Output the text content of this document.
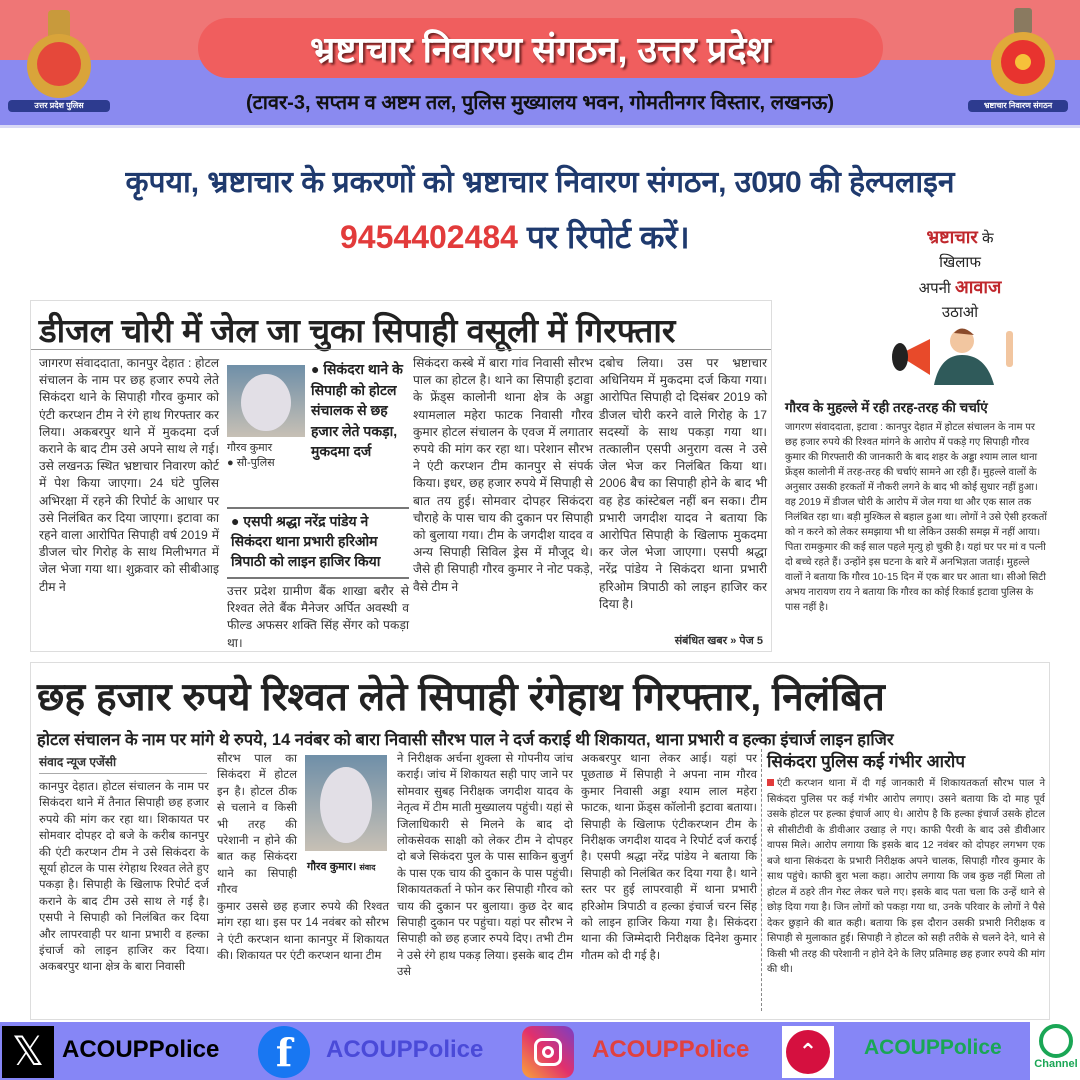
उत्तर प्रदेश पुलिस
भ्रष्टाचार निवारण संगठन, उत्तर प्रदेश
(टावर-3, सप्तम व अष्टम तल, पुलिस मुख्यालय भवन, गोमतीनगर विस्तार, लखनऊ)	भ्रष्टाचार निवारण संगठन
कृपया, भ्रष्टाचार के प्रकरणों को भ्रष्टाचार निवारण संगठन, उ0प्र0 की हेल्पलाइन
9454402484 पर रिपोर्ट करें।	भ्रष्टाचार के
खिलाफ
अपनी आवाज
उठाओ
डीजल चोरी में जेल जा चुका सिपाही वसूली में गिरफ्तार
जागरण संवाददाता, कानपुर देहात : होटल संचालन के नाम पर छह हजार रुपये लेते सिकंदरा थाने के सिपाही गौरव कुमार को एंटी करप्शन टीम ने रंगे हाथ गिरफ्तार कर लिया। अकबरपुर थाने में मुकदमा दर्ज कराने के बाद टीम उसे अपने साथ ले गई। उसे लखनऊ स्थित भ्रष्टाचार निवारण कोर्ट में पेश किया जाएगा। 24 घंटे पुलिस अभिरक्षा में रहने की रिपोर्ट के आधार पर उसे निलंबित कर दिया जाएगा। इटावा का रहने वाला आरोपित सिपाही वर्ष 2019 में डीजल चोर गिरोह के साथ मिलीभगत में जेल भेजा गया था। शुक्रवार को सीबीआइ टीम ने
गौरव कुमार
● सौ-पुलिस
● सिकंदरा थाने के सिपाही को होटल संचालक से छह हजार लेते पकड़ा, मुकदमा दर्ज
● एसपी श्रद्धा नरेंद्र पांडेय ने सिकंदरा थाना प्रभारी हरिओम त्रिपाठी को लाइन हाजिर किया
उत्तर प्रदेश ग्रामीण बैंक शाखा बरौर से रिश्वत लेते बैंक मैनेजर अर्पित अवस्थी व फील्ड अफसर शक्ति सिंह सेंगर को पकड़ा था।
सिकंदरा कस्बे में बारा गांव निवासी सौरभ पाल का होटल है। थाने का सिपाही इटावा के फ्रेंड्स कालोनी थाना क्षेत्र के अड्डा श्यामलाल महेरा फाटक निवासी गौरव कुमार होटल संचालन के एवज में लगातार रुपये की मांग कर रहा था। परेशान सौरभ ने एंटी करप्शन टीम कानपुर से संपर्क किया। इधर, छह हजार रुपये में सिपाही से बात तय हुई। सोमवार दोपहर सिकंदरा चौराहे के पास चाय की दुकान पर सिपाही को बुलाया गया। टीम के जगदीश यादव व अन्य सिपाही सिविल ड्रेस में मौजूद थे। जैसे ही सिपाही गौरव कुमार ने नोट पकड़े, वैसे टीम ने
दबोच लिया। उस पर भ्रष्टाचार अधिनियम में मुकदमा दर्ज किया गया। आरोपित सिपाही दो दिसंबर 2019 को डीजल चोरी करने वाले गिरोह के 17 सदस्यों के साथ पकड़ा गया था। तत्कालीन एसपी अनुराग वत्स ने उसे जेल भेज कर निलंबित किया था। 2006 बैच का सिपाही होने के बाद भी वह हेड कांस्टेबल नहीं बन सका। टीम प्रभारी जगदीश यादव ने बताया कि आरोपित सिपाही के खिलाफ मुकदमा कर जेल भेजा जाएगा। एसपी श्रद्धा नरेंद्र पांडेय ने सिकंदरा थाना प्रभारी हरिओम त्रिपाठी को लाइन हाजिर कर दिया है।
संबंधित खबर » पेज 5
गौरव के मुहल्ले में रही तरह-तरह की चर्चाएं
जागरण संवाददाता, इटावा : कानपुर देहात में होटल संचालन के नाम पर छह हजार रुपये की रिश्वत मांगने के आरोप में पकड़े गए सिपाही गौरव कुमार की गिरफ्तारी की जानकारी के बाद शहर के अड्डा श्याम लाल थाना फ्रेंड्स कालोनी में तरह-तरह की चर्चाएं सामने आ रही हैं। मुहल्ले वालों के अनुसार उसकी हरकतों में नौकरी लगने के बाद भी कोई सुधार नहीं हुआ। वह 2019 में डीजल चोरी के आरोप में जेल गया था और एक साल तक निलंबित रहा था। बड़ी मुश्किल से बहाल हुआ था। लोगों ने उसे ऐसी हरकतों को न करने को लेकर समझाया भी था लेकिन उसकी समझ में नहीं आया। पिता रामकुमार की कई साल पहले मृत्यु हो चुकी है। यहां घर पर मां व पत्नी दो बच्चे रहते हैं। उन्होंने इस घटना के बारे में अनभिज्ञता जताई। मुहल्ले वालों ने बताया कि गौरव 10-15 दिन में एक बार घर आता था। सीओ सिटी अभय नारायण राय ने बताया कि गौरव का कोई रिकार्ड इटावा पुलिस के पास नहीं है।
छह हजार रुपये रिश्वत लेते सिपाही रंगेहाथ गिरफ्तार, निलंबित
होटल संचालन के नाम पर मांगे थे रुपये, 14 नवंबर को बारा निवासी सौरभ पाल ने दर्ज कराई थी शिकायत, थाना प्रभारी व हल्का इंचार्ज लाइन हाजिर
संवाद न्यूज एजेंसी
कानपुर देहात। होटल संचालन के नाम पर सिकंदरा थाने में तैनात सिपाही छह हजार रुपये की मांग कर रहा था। शिकायत पर सोमवार दोपहर दो बजे के करीब कानपुर की एंटी करप्शन टीम ने उसे सिकंदरा के सूर्या होटल के पास रंगेहाथ रिश्वत लेते हुए पकड़ा है। सिपाही के खिलाफ रिपोर्ट दर्ज कराने के बाद टीम उसे साथ ले गई है। एसपी ने सिपाही को निलंबित कर दिया और लापरवाही पर थाना प्रभारी व हल्का इंचार्ज को लाइन हाजिर कर दिया। अकबरपुर थाना क्षेत्र के बारा निवासी
सौरभ पाल का सिकंदरा में होटल इन है। होटल ठीक से चलाने व किसी भी तरह की परेशानी न होने की बात कह सिकंदरा थाने का सिपाही गौरव
गौरव कुमार। संवाद
कुमार उससे छह हजार रुपये की रिश्वत मांग रहा था। इस पर 14 नवंबर को सौरभ ने एंटी करप्शन थाना कानपुर में शिकायत की। शिकायत पर एंटी करप्शन थाना टीम
ने निरीक्षक अर्चना शुक्ला से गोपनीय जांच कराई। जांच में शिकायत सही पाए जाने पर सोमवार सुबह निरीक्षक जगदीश यादव के नेतृत्व में टीम माती मुख्यालय पहुंची। यहां से जिलाधिकारी से मिलने के बाद दो लोकसेवक साक्षी को लेकर टीम ने दोपहर दो बजे सिकंदरा पुल के पास साकिन बुजुर्ग के पास एक चाय की दुकान के पास पहुंची। शिकायतकर्ता ने फोन कर सिपाही गौरव को चाय की दुकान पर बुलाया। कुछ देर बाद सिपाही दुकान पर पहुंचा। यहां पर सौरभ ने सिपाही को छह हजार रुपये दिए। तभी टीम ने उसे रंगे हाथ पकड़ लिया। इसके बाद टीम उसे
अकबरपुर थाना लेकर आई। यहां पर पूछताछ में सिपाही ने अपना नाम गौरव कुमार निवासी अड्डा श्याम लाल महेरा फाटक, थाना फ्रेंड्स कॉलोनी इटावा बताया। सिपाही के खिलाफ एंटीकरप्शन टीम के निरीक्षक जगदीश यादव ने रिपोर्ट दर्ज कराई है। एसपी श्रद्धा नरेंद्र पांडेय ने बताया कि सिपाही को निलंबित कर दिया गया है। थाने स्तर पर हुई लापरवाही में थाना प्रभारी हरिओम त्रिपाठी व हल्का इंचार्ज चरन सिंह को लाइन हाजिर किया गया है। सिकंदरा थाना की जिम्मेदारी निरीक्षक दिनेश कुमार गौतम को दी गई है।
सिकंदरा पुलिस कई गंभीर आरोप
एंटी करप्शन थाना में दी गई जानकारी में शिकायतकर्ता सौरभ पाल ने सिकंदरा पुलिस पर कई गंभीर आरोप लगाए। उसने बताया कि दो माह पूर्व उसके होटल पर हल्का इंचार्ज आए थे। आरोप है कि हल्का इंचार्ज उसके होटल से सीसीटीवी के डीवीआर उखाड़ ले गए। काफी पैरवी के बाद उसे डीवीआर वापस मिले। आरोप लगाया कि इसके बाद 12 नवंबर को दोपहर लगभग एक बजे थाना सिकंदरा के प्रभारी निरीक्षक अपने चालक, सिपाही गौरव कुमार के साथ पहुंचे। काफी बुरा भला कहा। आरोप लगाया कि जब कुछ नहीं मिला तो होटल में ठहरे तीन गेस्ट लेकर चले गए। इसके बाद पता चला कि उन्हें थाने से छोड़ दिया गया है। जिन लोगों को पकड़ा गया था, उनके परिवार के लोगों ने पैसे देकर छुड़ाने की बात कही। बताया कि इस दौरान उसकी प्रभारी निरीक्षक व सिपाही से मुलाकात हुई। सिपाही ने होटल को सही तरीके से चलने देने, थाने से किसी भी तरह की परेशानी न होने देने के लिए प्रतिमाह छह हजार रुपये की मांग की थी।
𝕏 ACOUPPolice	f	ACOUPPolice	ACOUPPolice	⌃	ACOUPPolice
Channel
